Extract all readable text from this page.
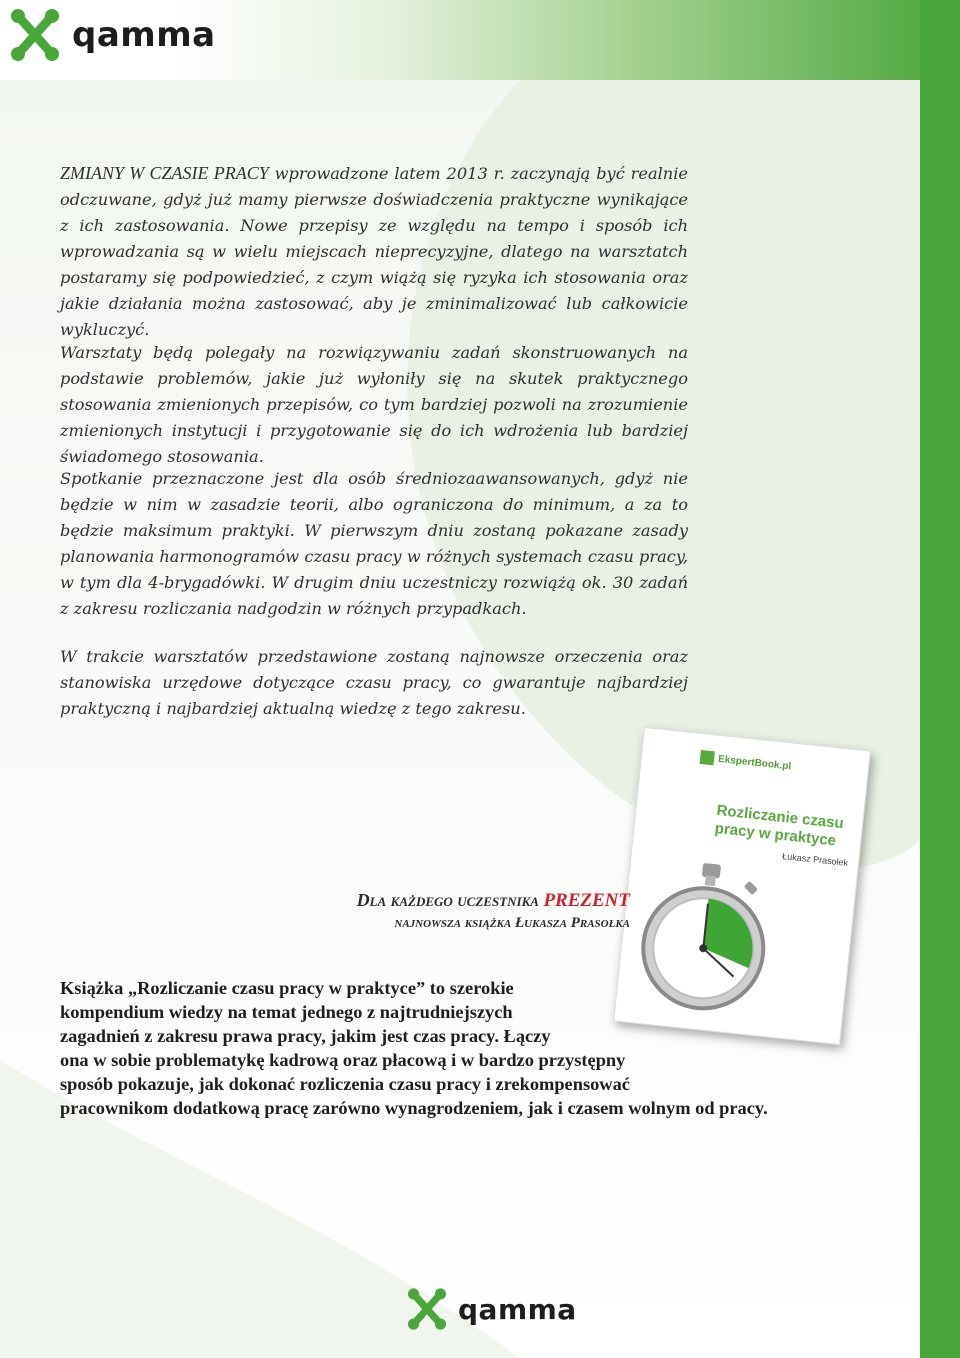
qamma

ZMIANY W CZASIE PRACY wprowadzone latem 2013 r. zaczynają być realnie odczuwane, gdyż już mamy pierwsze doświadczenia praktyczne wynikające z ich zastosowania. Nowe przepisy ze względu na tempo i sposób ich wprowadzania są w wielu miejscach nieprecyzyjne, dlatego na warsztatch postaramy się podpowiedzieć, z czym wiążą się ryzyka ich stosowania oraz jakie działania można zastosować, aby je zminimalizować lub całkowicie wykluczyć.

Warsztaty będą polegały na rozwiązywaniu zadań skonstruowanych na podstawie problemów, jakie już wyłoniły się na skutek praktycznego stosowania zmienionych przepisów, co tym bardziej pozwoli na zrozumienie zmienionych instytucji i przygotowanie się do ich wdrożenia lub bardziej świadomego stosowania.

Spotkanie przeznaczone jest dla osób średniozaawansowanych, gdyż nie będzie w nim w zasadzie teorii, albo ograniczona do minimum, a za to będzie maksimum praktyki. W pierwszym dniu zostaną pokazane zasady planowania harmonogramów czasu pracy w różnych systemach czasu pracy, w tym dla 4-brygadówki. W drugim dniu uczestniczy rozwiążą ok. 30 zadań z zakresu rozliczania nadgodzin w różnych przypadkach.

W trakcie warsztatów przedstawione zostaną najnowsze orzeczenia oraz stanowiska urzędowe dotyczące czasu pracy, co gwarantuje najbardziej praktyczną i najbardziej aktualną wiedzę z tego zakresu.

EkspertBook.pl
Rozliczanie czasu pracy w praktyce
Łukasz Prasołek
Dla każdego uczestnika PREZENT
najnowsza książka Łukasza Prasołka

Książka „Rozliczanie czasu pracy w praktyce” to szerokie
kompendium wiedzy na temat jednego z najtrudniejszych
zagadnień z zakresu prawa pracy, jakim jest czas pracy. Łączy
ona w sobie problematykę kadrową oraz płacową i w bardzo przystępny
sposób pokazuje, jak dokonać rozliczenia czasu pracy i zrekompensować
pracownikom dodatkową pracę zarówno wynagrodzeniem, jak i czasem wolnym od pracy.

qamma
